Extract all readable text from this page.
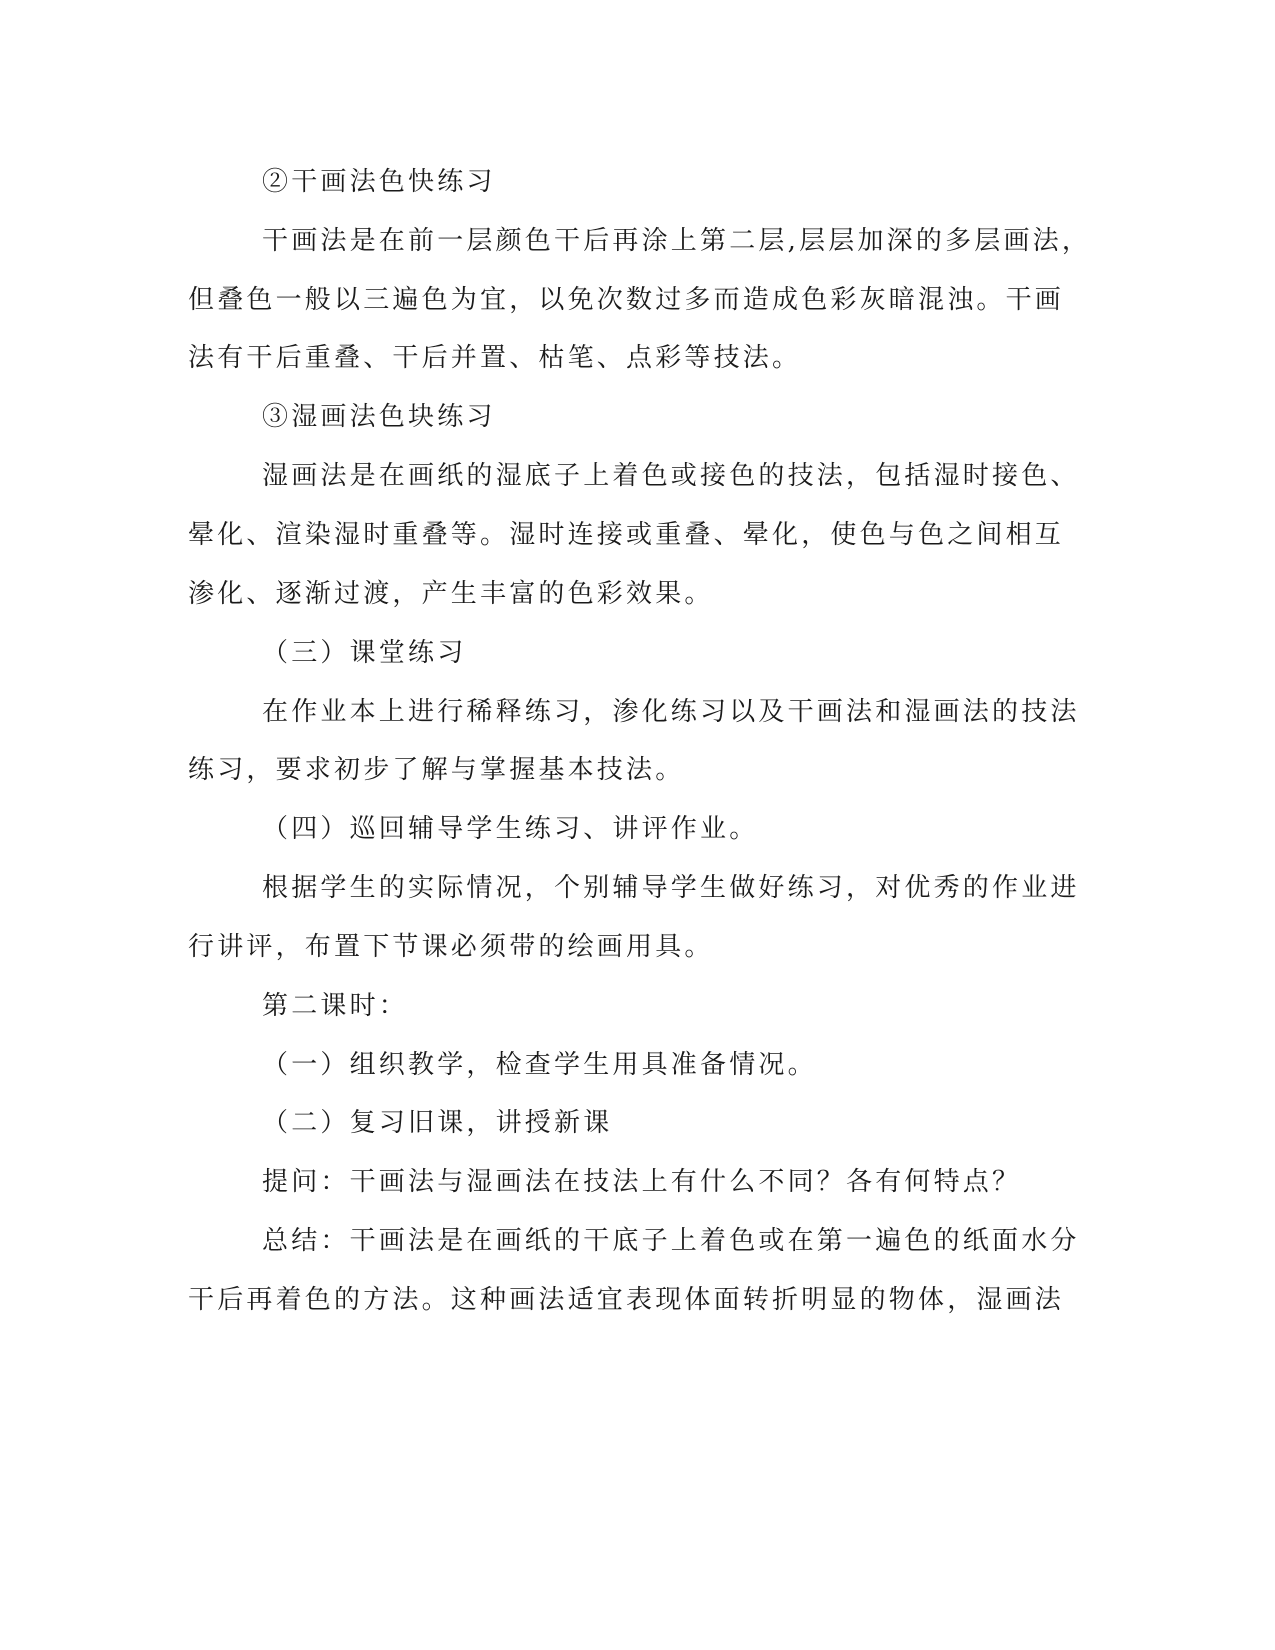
②干画法色快练习
干画法是在前一层颜色干后再涂上第二层,层层加深的多层画法，
但叠色一般以三遍色为宜，以免次数过多而造成色彩灰暗混浊。干画
法有干后重叠、干后并置、枯笔、点彩等技法。
③湿画法色块练习
湿画法是在画纸的湿底子上着色或接色的技法，包括湿时接色、
晕化、渲染湿时重叠等。湿时连接或重叠、晕化，使色与色之间相互
渗化、逐渐过渡，产生丰富的色彩效果。
（三）课堂练习
在作业本上进行稀释练习，渗化练习以及干画法和湿画法的技法
练习，要求初步了解与掌握基本技法。
（四）巡回辅导学生练习、讲评作业。
根据学生的实际情况，个别辅导学生做好练习，对优秀的作业进
行讲评，布置下节课必须带的绘画用具。
第二课时：
（一）组织教学，检查学生用具准备情况。
（二）复习旧课，讲授新课
提问：干画法与湿画法在技法上有什么不同？各有何特点？
总结：干画法是在画纸的干底子上着色或在第一遍色的纸面水分
干后再着色的方法。这种画法适宜表现体面转折明显的物体，湿画法
